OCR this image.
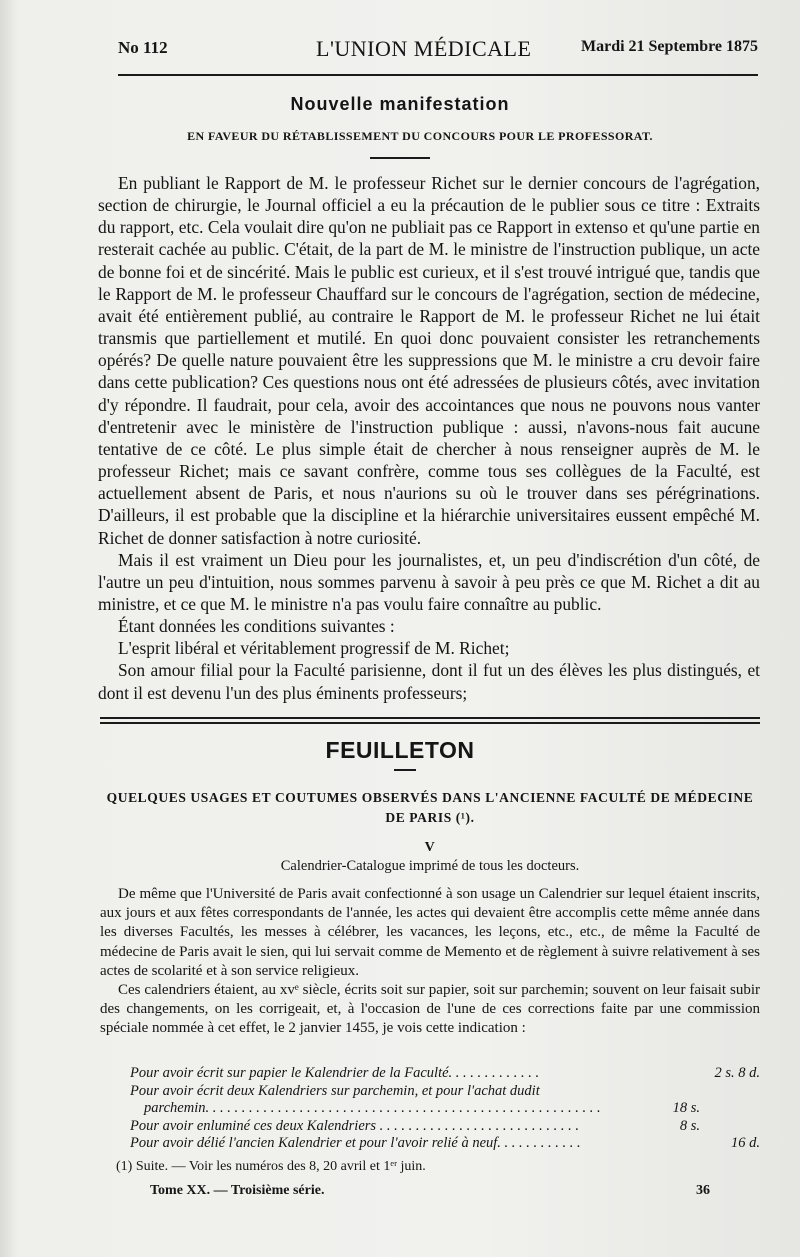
No 112	L'UNION MÉDICALE	Mardi 21 Septembre 1875
Nouvelle manifestation
EN FAVEUR DU RÉTABLISSEMENT DU CONCOURS POUR LE PROFESSORAT.

En publiant le Rapport de M. le professeur Richet sur le dernier concours de l'agrégation, section de chirurgie, le Journal officiel a eu la précaution de le publier sous ce titre : Extraits du rapport, etc. Cela voulait dire qu'on ne publiait pas ce Rapport in extenso et qu'une partie en resterait cachée au public. C'était, de la part de M. le ministre de l'instruction publique, un acte de bonne foi et de sincérité. Mais le public est curieux, et il s'est trouvé intrigué que, tandis que le Rapport de M. le professeur Chauffard sur le concours de l'agrégation, section de médecine, avait été entièrement publié, au contraire le Rapport de M. le professeur Richet ne lui était transmis que partiellement et mutilé. En quoi donc pouvaient consister les retranchements opérés? De quelle nature pouvaient être les suppressions que M. le ministre a cru devoir faire dans cette publication? Ces questions nous ont été adressées de plusieurs côtés, avec invitation d'y répondre. Il faudrait, pour cela, avoir des accointances que nous ne pouvons nous vanter d'entretenir avec le ministère de l'instruction publique : aussi, n'avons-nous fait aucune tentative de ce côté. Le plus simple était de chercher à nous renseigner auprès de M. le professeur Richet; mais ce savant confrère, comme tous ses collègues de la Faculté, est actuellement absent de Paris, et nous n'aurions su où le trouver dans ses pérégrinations. D'ailleurs, il est probable que la discipline et la hiérarchie universitaires eussent empêché M. Richet de donner satisfaction à notre curiosité.

Mais il est vraiment un Dieu pour les journalistes, et, un peu d'indiscrétion d'un côté, de l'autre un peu d'intuition, nous sommes parvenu à savoir à peu près ce que M. Richet a dit au ministre, et ce que M. le ministre n'a pas voulu faire connaître au public.

Étant données les conditions suivantes :

L'esprit libéral et véritablement progressif de M. Richet;

Son amour filial pour la Faculté parisienne, dont il fut un des élèves les plus distingués, et dont il est devenu l'un des plus éminents professeurs;

FEUILLETON
QUELQUES USAGES ET COUTUMES OBSERVÉS DANS L'ANCIENNE FACULTÉ DE MÉDECINE
DE PARIS (¹).
V
Calendrier-Catalogue imprimé de tous les docteurs.

De même que l'Université de Paris avait confectionné à son usage un Calendrier sur lequel étaient inscrits, aux jours et aux fêtes correspondants de l'année, les actes qui devaient être accomplis cette même année dans les diverses Facultés, les messes à célébrer, les vacances, les leçons, etc., etc., de même la Faculté de médecine de Paris avait le sien, qui lui servait comme de Memento et de règlement à suivre relativement à ses actes de scolarité et à son service religieux.

Ces calendriers étaient, au xvᵉ siècle, écrits soit sur papier, soit sur parchemin; souvent on leur faisait subir des changements, on les corrigeait, et, à l'occasion de l'une de ces corrections faite par une commission spéciale nommée à cet effet, le 2 janvier 1455, je vois cette indication :

Pour avoir écrit sur papier le Kalendrier de la Faculté. . . . . . . . . . . . .	2 s. 8 d.
Pour avoir écrit deux Kalendriers sur parchemin, et pour l'achat dudit
parchemin. . . . . . . . . . . . . . . . . . . . . . . . . . . . . . . . . . . . . . . . . . . . . . . . . . . . . . .	18 s.
Pour avoir enluminé ces deux Kalendriers . . . . . . . . . . . . . . . . . . . . . . . . . . . .	8 s.
Pour avoir délié l'ancien Kalendrier et pour l'avoir relié à neuf. . . . . . . . . . . .	16 d.
(1) Suite. — Voir les numéros des 8, 20 avril et 1ᵉʳ juin.
Tome XX. — Troisième série.	36
